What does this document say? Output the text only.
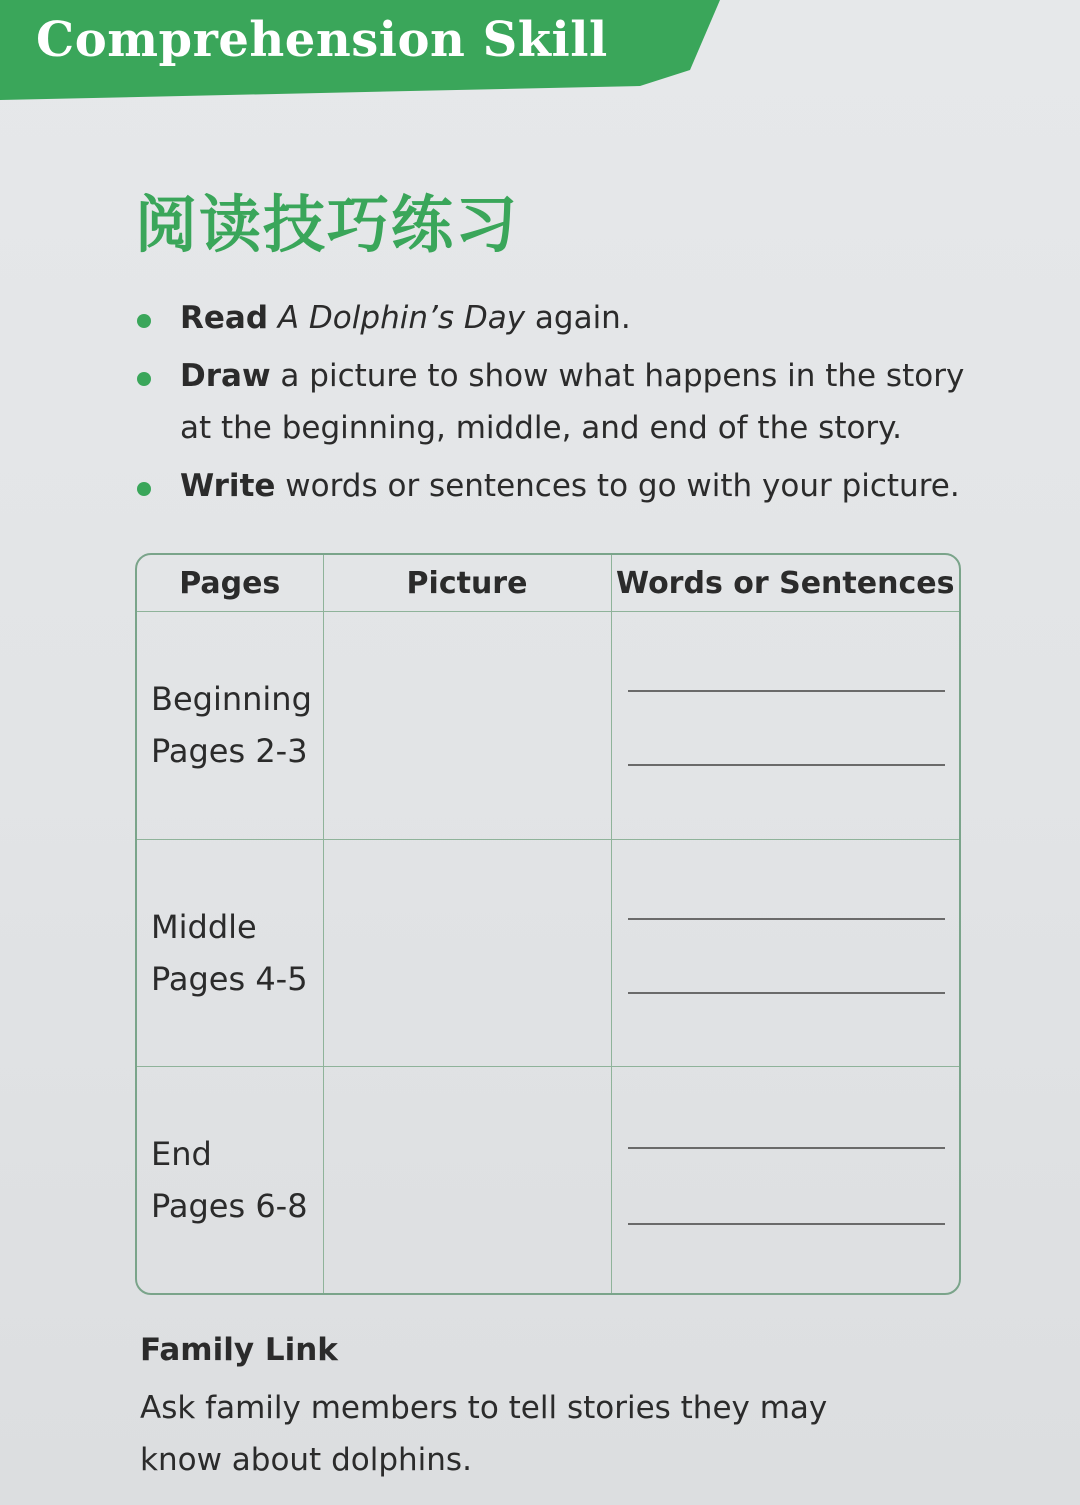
Comprehension Skill
阅读技巧练习
Read A Dolphin’s Day again.
Draw a picture to show what happens in the story at the beginning, middle, and end of the story.
Write words or sentences to go with your picture.
Pages	Picture	Words or Sentences

Beginning
Pages 2-3		

Middle
Pages 4-5		

End
Pages 6-8		

Family Link
Ask family members to tell stories they may know about dolphins.
